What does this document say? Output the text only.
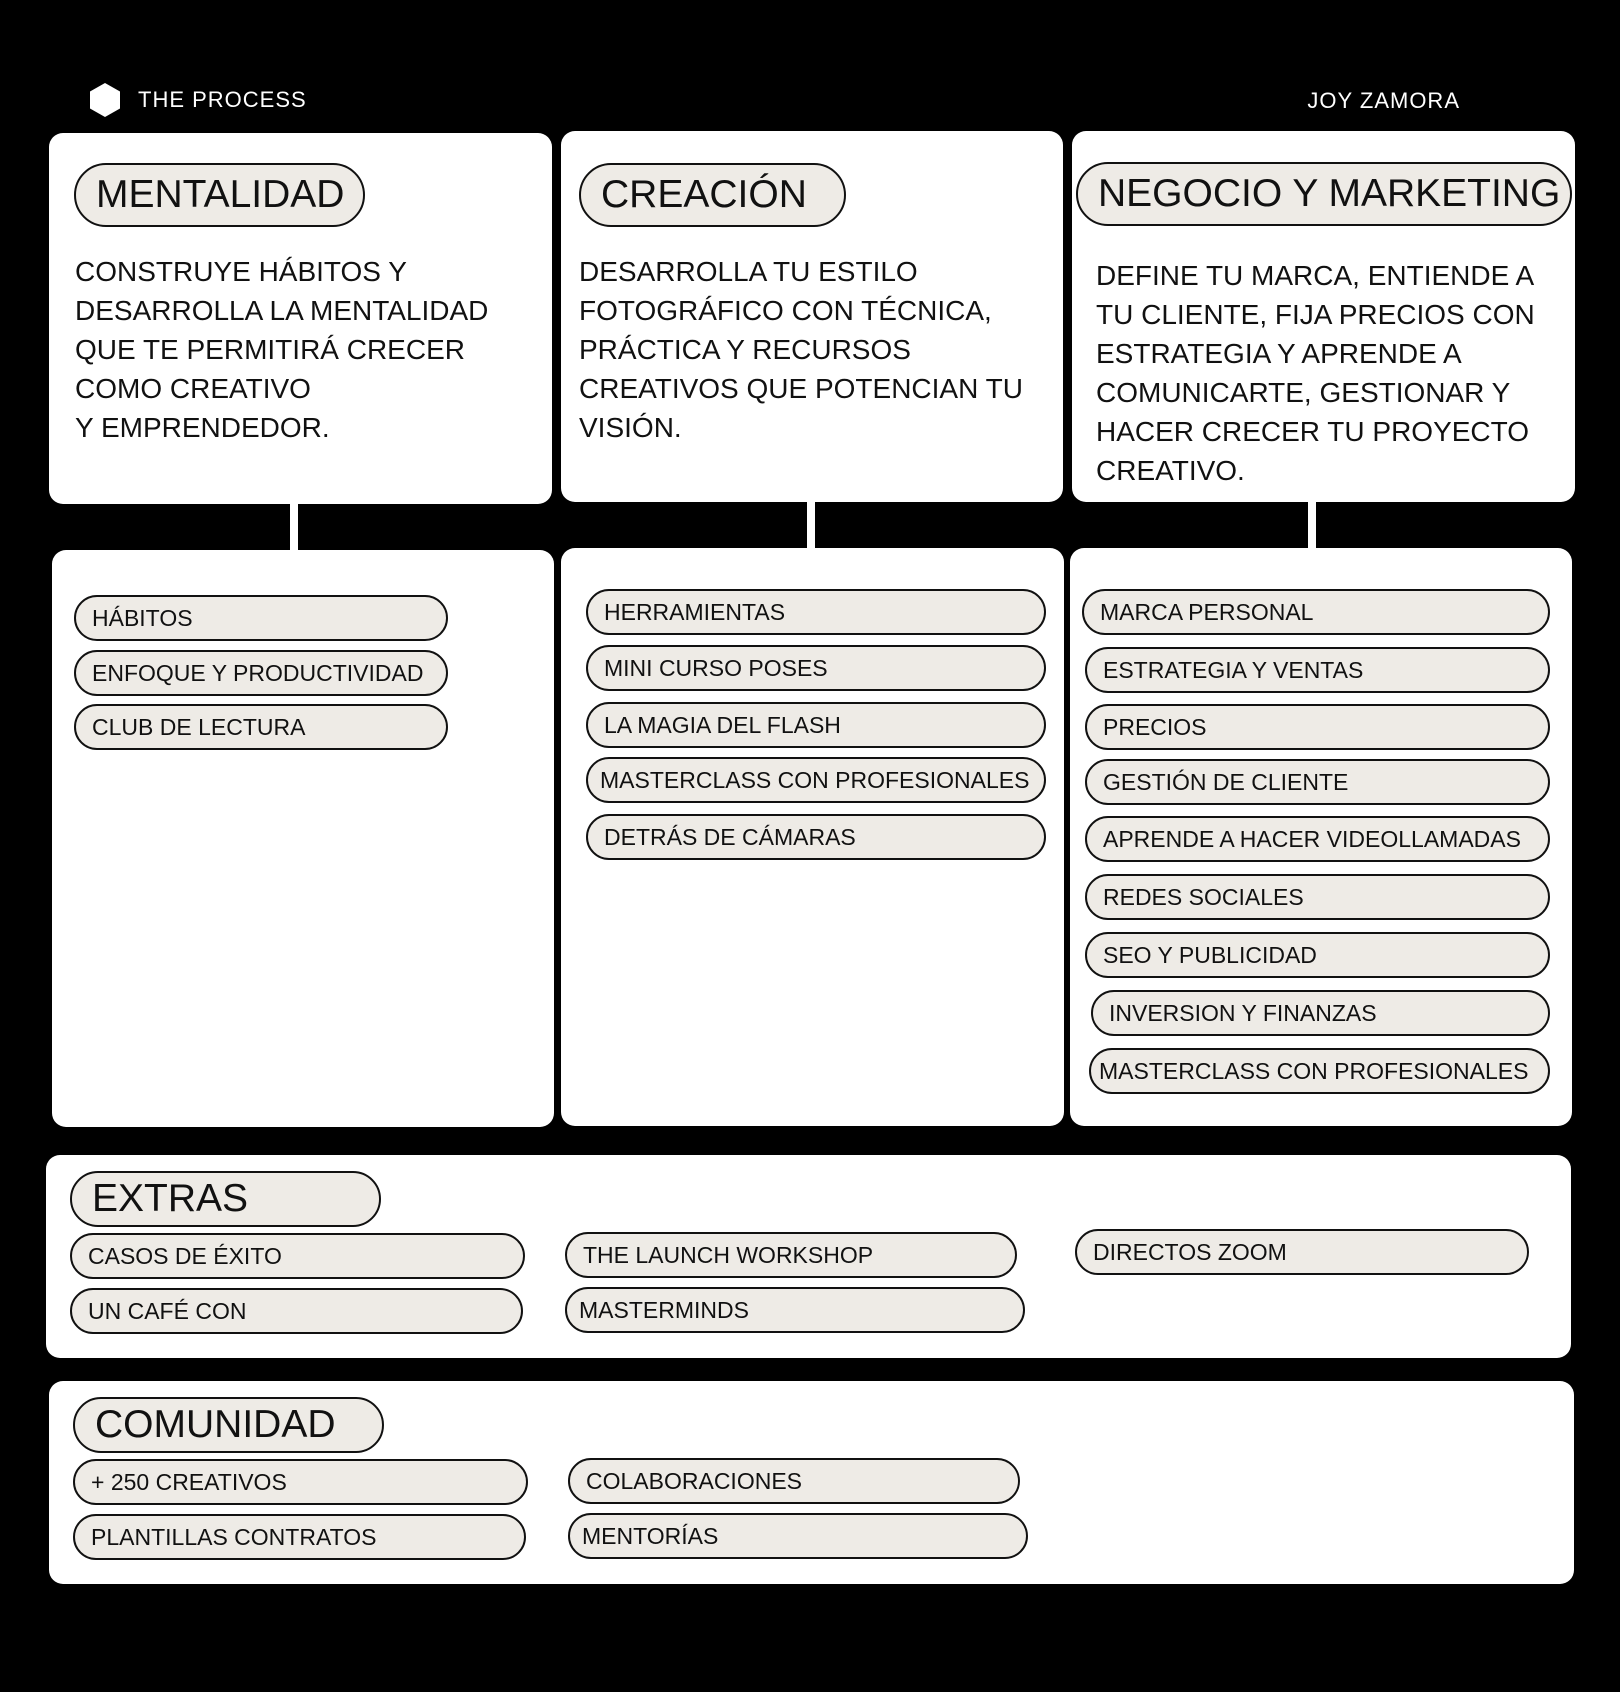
THE PROCESS	JOY ZAMORA
MENTALIDAD
CONSTRUYE HÁBITOS Y
DESARROLLA LA MENTALIDAD
QUE TE PERMITIRÁ CRECER
COMO CREATIVO
Y EMPRENDEDOR.
CREACIÓN
DESARROLLA TU ESTILO
FOTOGRÁFICO CON TÉCNICA,
PRÁCTICA Y RECURSOS
CREATIVOS QUE POTENCIAN TU
VISIÓN.
NEGOCIO Y MARKETING
DEFINE TU MARCA, ENTIENDE A
TU CLIENTE, FIJA PRECIOS CON
ESTRATEGIA Y APRENDE A
COMUNICARTE, GESTIONAR Y
HACER CRECER TU PROYECTO
CREATIVO.
HÁBITOS
ENFOQUE Y PRODUCTIVIDAD
CLUB DE LECTURA
HERRAMIENTAS
MINI CURSO POSES
LA MAGIA DEL FLASH
MASTERCLASS CON PROFESIONALES
DETRÁS DE CÁMARAS
MARCA PERSONAL
ESTRATEGIA Y VENTAS
PRECIOS
GESTIÓN DE CLIENTE
APRENDE A HACER VIDEOLLAMADAS
REDES SOCIALES
SEO Y PUBLICIDAD
INVERSION Y FINANZAS
MASTERCLASS CON PROFESIONALES
EXTRAS
CASOS DE ÉXITO
UN CAFÉ CON
THE LAUNCH WORKSHOP
MASTERMINDS
DIRECTOS ZOOM
COMUNIDAD
+ 250 CREATIVOS
PLANTILLAS CONTRATOS
COLABORACIONES
MENTORÍAS
